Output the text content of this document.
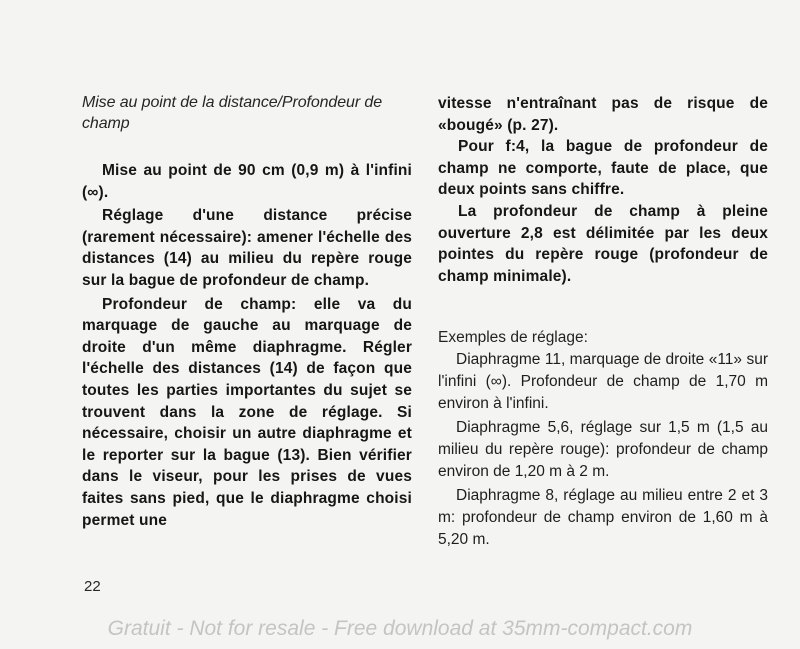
Mise au point de la distance/Profondeur de champ

Mise au point de 90 cm (0,9 m) à l'infini (∞).

Réglage d'une distance précise (rarement nécessaire): amener l'échelle des distances (14) au milieu du repère rouge sur la bague de profondeur de champ.

Profondeur de champ: elle va du marquage de gauche au marquage de droite d'un même diaphragme. Régler l'échelle des distances (14) de façon que toutes les parties importantes du sujet se trouvent dans la zone de réglage. Si nécessaire, choisir un autre diaphragme et le reporter sur la bague (13). Bien vérifier dans le viseur, pour les prises de vues faites sans pied, que le diaphragme choisi permet une

vitesse n'entraînant pas de risque de «bougé» (p. 27).

Pour f:4, la bague de profondeur de champ ne comporte, faute de place, que deux points sans chiffre.

La profondeur de champ à pleine ouverture 2,8 est délimitée par les deux pointes du repère rouge (profondeur de champ minimale).

Exemples de réglage:

Diaphragme 11, marquage de droite «11» sur l'infini (∞). Profondeur de champ de 1,70 m environ à l'infini.

Diaphragme 5,6, réglage sur 1,5 m (1,5 au milieu du repère rouge): profondeur de champ environ de 1,20 m à 2 m.

Diaphragme 8, réglage au milieu entre 2 et 3 m: profondeur de champ environ de 1,60 m à 5,20 m.

22
Gratuit - Not for resale - Free download at 35mm-compact.com
